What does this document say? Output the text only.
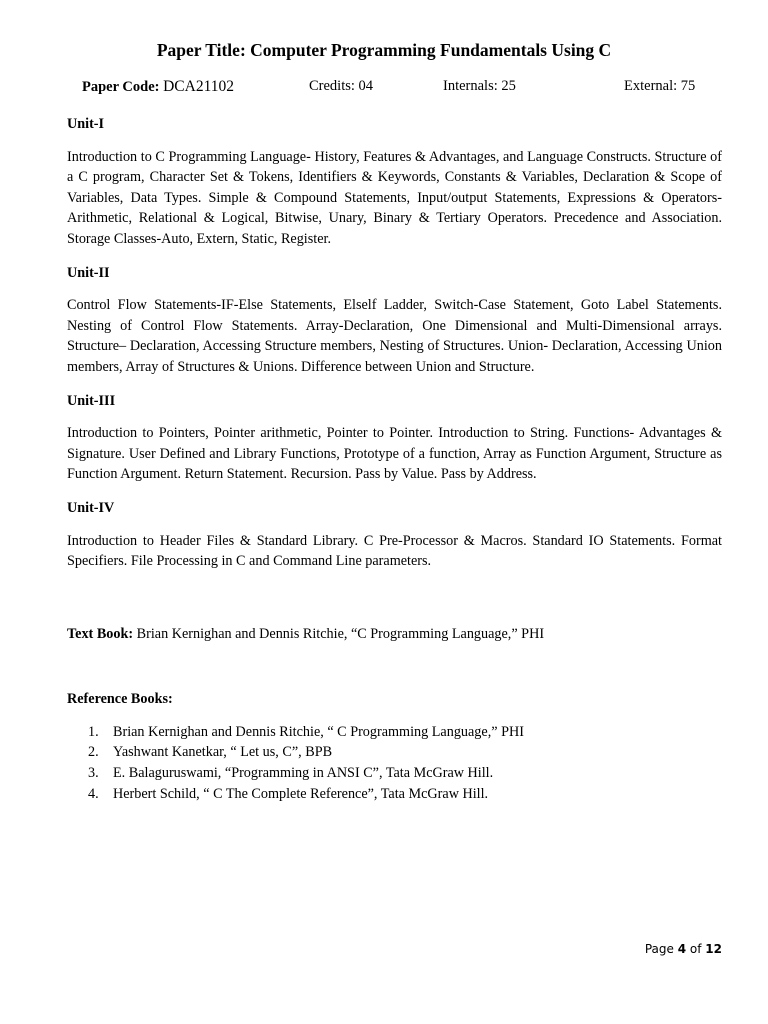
Paper Title: Computer Programming Fundamentals Using C
Paper Code: DCA21102	Credits: 04	Internals: 25	External: 75

Unit-I

Introduction to C Programming Language- History, Features & Advantages, and Language Constructs. Structure of a C program, Character Set & Tokens, Identifiers & Keywords, Constants & Variables, Declaration & Scope of Variables, Data Types. Simple & Compound Statements, Input/output Statements, Expressions & Operators-Arithmetic, Relational & Logical, Bitwise, Unary, Binary & Tertiary Operators. Precedence and Association. Storage Classes-Auto, Extern, Static, Register.

Unit-II

Control Flow Statements-IF-Else Statements, Elself Ladder, Switch-Case Statement, Goto Label Statements. Nesting of Control Flow Statements. Array-Declaration, One Dimensional and Multi-Dimensional arrays. Structure– Declaration, Accessing Structure members, Nesting of Structures. Union- Declaration, Accessing Union members, Array of Structures & Unions. Difference between Union and Structure.

Unit-III

Introduction to Pointers, Pointer arithmetic, Pointer to Pointer. Introduction to String. Functions- Advantages & Signature. User Defined and Library Functions, Prototype of a function, Array as Function Argument, Structure as Function Argument. Return Statement. Recursion. Pass by Value. Pass by Address.

Unit-IV

Introduction to Header Files & Standard Library. C Pre-Processor & Macros. Standard IO Statements. Format Specifiers. File Processing in C and Command Line parameters.

Text Book: Brian Kernighan and Dennis Ritchie, “C Programming Language,” PHI
Reference Books:
1. Brian Kernighan and Dennis Ritchie, “ C Programming Language,” PHI
2. Yashwant Kanetkar, “ Let us, C”, BPB
3. E. Balaguruswami, “Programming in ANSI C”, Tata McGraw Hill.
4. Herbert Schild, “ C The Complete Reference”, Tata McGraw Hill.
Page 4 of 12
